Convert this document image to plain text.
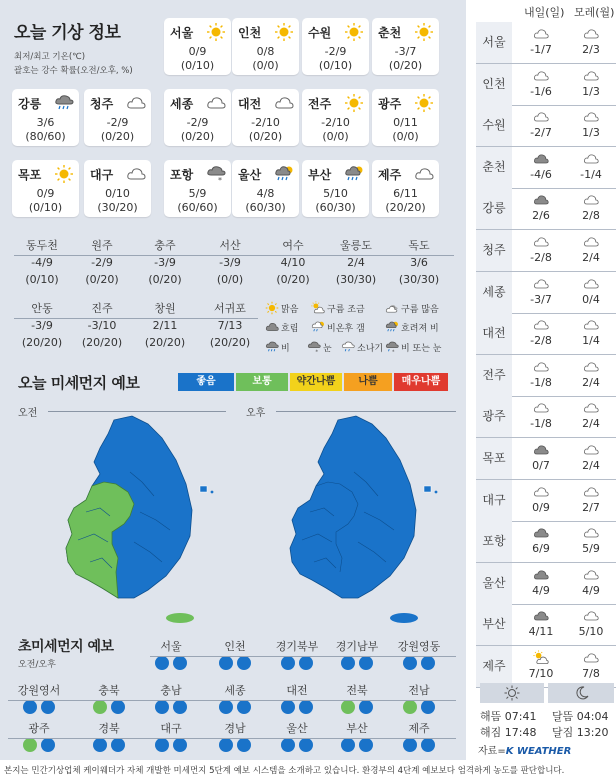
오늘 기상 정보
최저/최고 기온(℃)
괄호는 강수 확률(오전/오후, %)
서울
0/9
(0/10)
인천
0/8
(0/0)
수원
-2/9
(0/10)
춘천
-3/7
(0/20)
강릉
3/6
(80/60)
청주
-2/9
(0/20)
세종
-2/9
(0/20)
대전
-2/10
(0/20)
전주
-2/10
(0/0)
광주
0/11
(0/0)
목포
0/9
(0/10)
대구
0/10
(30/20)
포항	*
5/9
(60/60)
울산
4/8
(60/30)
부산
5/10
(60/30)
제주
6/11
(20/20)
동두천
-4/9
(0/10)
원주
-2/9
(0/20)
충주
-3/9
(0/20)
서산
-3/9
(0/0)
여수
4/10
(0/20)
울릉도
2/4
(30/30)
독도
3/6
(30/30)
안동
-3/9
(20/20)
진주
-3/10
(20/20)
창원
2/11
(20/20)
서귀포
7/13
(20/20)
맑음	구름 조금	구름 많음
흐림	비온후 갬	흐려져 비
비	* 눈	소나기 * 비 또는 눈
오늘 미세먼지 예보	좋음	보통	약간나쁨	나쁨	매우나쁨
오전	오후
초미세먼지 예보
오전/오후
서울	인천	경기북부	경기남부	강원영동
강원영서	충북	충남	세종	대전	전북	전남
광주	경북	대구	경남	울산	부산	제주
내일(일) 모레(월)
서울
-1/7	2/3
인천
-1/6	1/3
수원
-2/7	1/3
춘천
-4/6	-1/4
강릉
2/6	2/8
청주
-2/8	2/4
세종
-3/7	0/4
대전
-2/8	1/4
전주
-1/8	2/4
광주
-1/8	2/4
목포
0/7	2/4
대구
0/9	2/7
포항
6/9	5/9
울산
4/9	4/9
부산
4/11	5/10
제주
7/10	7/8
해뜸 07:41 달뜸 04:04
해짐 17:48 달짐 13:20
자료=K WEATHER
본지는 민간기상업체 케이웨더가 자체 개발한 미세먼지 5단계 예보 시스템을 소개하고 있습니다. 환경부의 4단계 예보보다 엄격하게 농도를 판단합니다.
